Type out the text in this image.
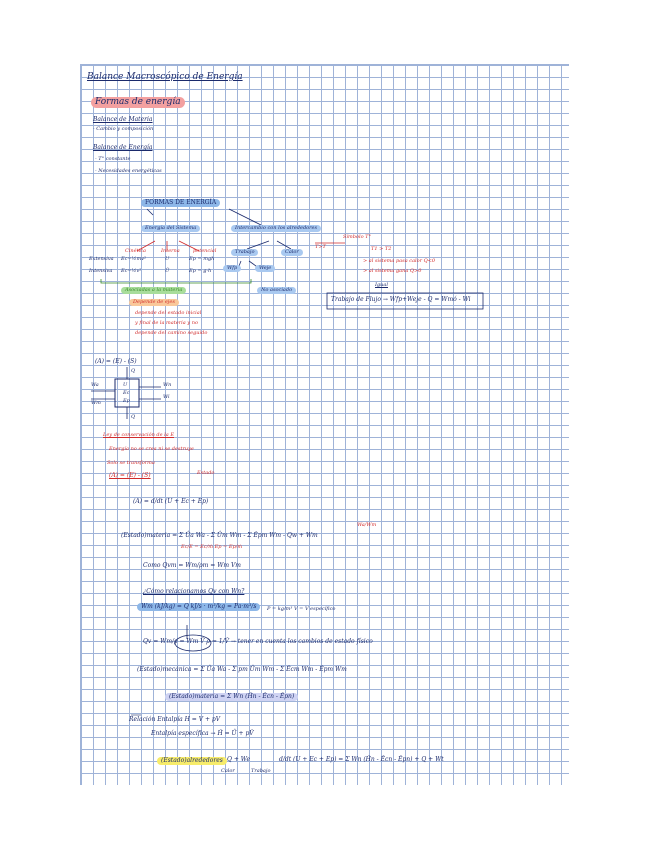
Balance Macroscópico de Energía
Formas de energía
Balance de Materia
- Cambio y composición
Balance de Energía
- T° constante
- Necesidades energéticas
FORMAS DE ENERGÍA
Energía del Sistema	Intercambio con los alrededores
Cinética	Interna	potencial	Trabajo	Calor
Extensiva Ec=½mv²	U	Ep = mgh
Wfp	Weje
Intensiva Ec=½v²	Û	Ep = g·h
Asociadas a la materia	No asociado
Depende de ejes
depende del estado inicial
y final de la materia y no
depende del camino seguido
Símbolo T°
T>T	T1 > T2
> al sistema pasa calor Q<0
> al sistema gana Q>0
Igual
Trabajo de Flujo → Wfp+Weje - Q = Wmó - Wi
(A) = (E) - (S)
Wa
Wm
Wn
Wi
Q
Q
U
Ec
Ep
Ley de conservación de la E
Energía no se crea ni se destruye
Solo se transforma
(A) = (E) - (S)	Estado
(A) = d/dt (U + Ec + Ep)
(Estado)materia = Σ Ûa Wa - Σ Ûm Wm - Σ Êpm Wm - Qw + Wm
Wa/Wm
Ec/E = Ec/ṁ Ep = Ep/ṁ
Como Qvm = Wm/ρm = Wm Vm
¿Cómo relacionamos Qv con Wn?
Wm (kJ/kg) = Q kJ/s · m³/kg = Pa·m³/s	P = kg/m³ V = V específico
Qv = Wm/ρ = Wm V̂ ρ = 1/V̂ → tener en cuenta los cambios de estado físico
(Estado)mecánica = Σ Ûa Wa - Σ pm Ûm Wm - Σ Êcm Wm - Êpm Wm
(Estado)materia = Σ Wn (Ĥn - Êcn - Êpn)
Relación Entalpía H = V + pV
Entalpía específica → Ĥ = Û + pV̂
(Estado)alrededores Q + We	d/dt (U + Ec + Ep) = Σ Wn (Ĥn - Êcn - Êpn) + Q + Wt
Calor	Trabajo
